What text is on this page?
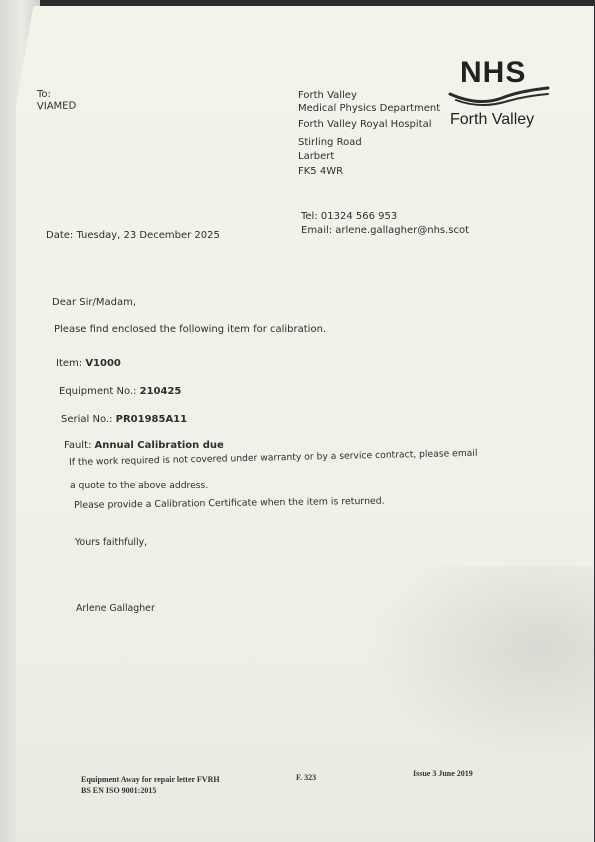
To:
VIAMED
Forth Valley
Medical Physics Department
Forth Valley Royal Hospital
Stirling Road
Larbert
FK5 4WR
NHS
Forth Valley
Tel: 01324 566 953
Email: arlene.gallagher@nhs.scot
Date: Tuesday, 23 December 2025
Dear Sir/Madam,
Please find enclosed the following item for calibration.
Item: V1000
Equipment No.: 210425
Serial No.: PR01985A11
Fault: Annual Calibration due
If the work required is not covered under warranty or by a service contract, please email
a quote to the above address.
Please provide a Calibration Certificate when the item is returned.
Yours faithfully,
Arlene Gallagher
Equipment Away for repair letter FVRH
BS EN ISO 9001:2015
F. 323	Issue 3 June 2019
